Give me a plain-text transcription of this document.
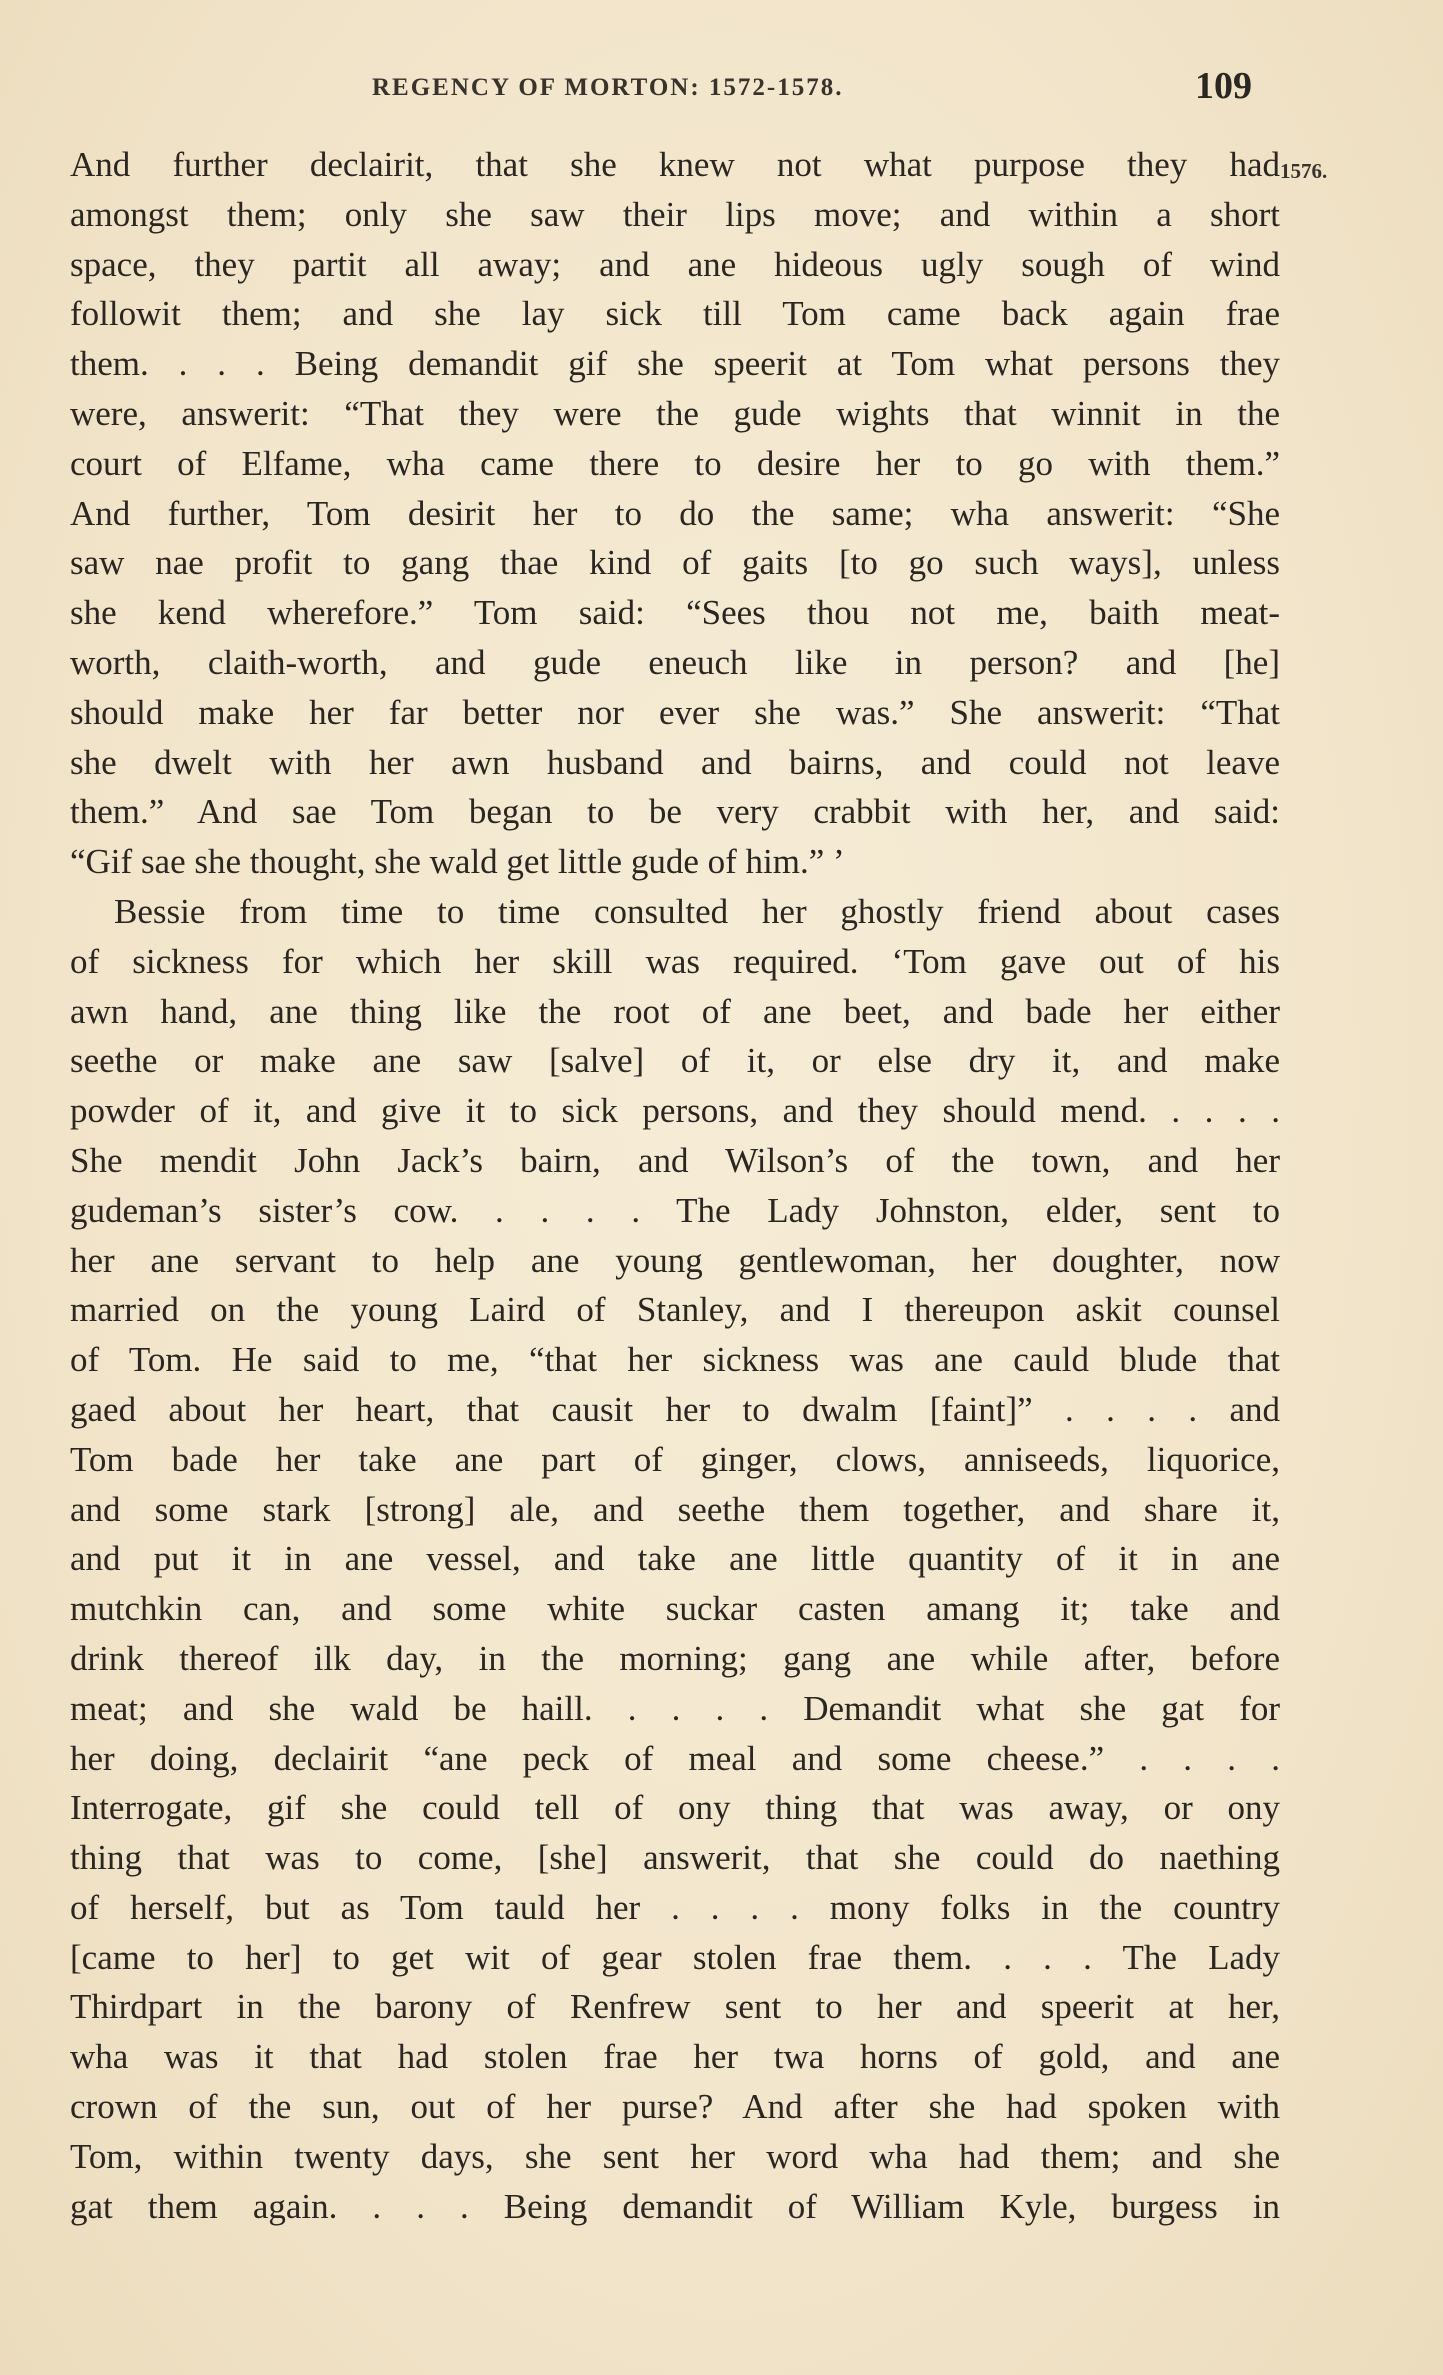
REGENCY OF MORTON: 1572-1578.	109
1576.
And further declairit, that she knew not what purpose they had
amongst them; only she saw their lips move; and within a short
space, they partit all away; and ane hideous ugly sough of wind
followit them; and she lay sick till Tom came back again frae
them. . . . Being demandit gif she speerit at Tom what persons they
were, answerit: “That they were the gude wights that winnit in the
court of Elfame, wha came there to desire her to go with them.”
And further, Tom desirit her to do the same; wha answerit: “She
saw nae profit to gang thae kind of gaits [to go such ways], unless
she kend wherefore.” Tom said: “Sees thou not me, baith meat-
worth, claith-worth, and gude eneuch like in person? and [he]
should make her far better nor ever she was.” She answerit: “That
she dwelt with her awn husband and bairns, and could not leave
them.” And sae Tom began to be very crabbit with her, and said:
“Gif sae she thought, she wald get little gude of him.” ’
Bessie from time to time consulted her ghostly friend about cases
of sickness for which her skill was required. ‘Tom gave out of his
awn hand, ane thing like the root of ane beet, and bade her either
seethe or make ane saw [salve] of it, or else dry it, and make
powder of it, and give it to sick persons, and they should mend. . . . .
She mendit John Jack’s bairn, and Wilson’s of the town, and her
gudeman’s sister’s cow. . . . . The Lady Johnston, elder, sent to
her ane servant to help ane young gentlewoman, her doughter, now
married on the young Laird of Stanley, and I thereupon askit counsel
of Tom. He said to me, “that her sickness was ane cauld blude that
gaed about her heart, that causit her to dwalm [faint]” . . . . and
Tom bade her take ane part of ginger, clows, anniseeds, liquorice,
and some stark [strong] ale, and seethe them together, and share it,
and put it in ane vessel, and take ane little quantity of it in ane
mutchkin can, and some white suckar casten amang it; take and
drink thereof ilk day, in the morning; gang ane while after, before
meat; and she wald be haill. . . . . Demandit what she gat for
her doing, declairit “ane peck of meal and some cheese.” . . . .
Interrogate, gif she could tell of ony thing that was away, or ony
thing that was to come, [she] answerit, that she could do naething
of herself, but as Tom tauld her . . . . mony folks in the country
[came to her] to get wit of gear stolen frae them. . . . The Lady
Thirdpart in the barony of Renfrew sent to her and speerit at her,
wha was it that had stolen frae her twa horns of gold, and ane
crown of the sun, out of her purse? And after she had spoken with
Tom, within twenty days, she sent her word wha had them; and she
gat them again. . . . Being demandit of William Kyle, burgess in
